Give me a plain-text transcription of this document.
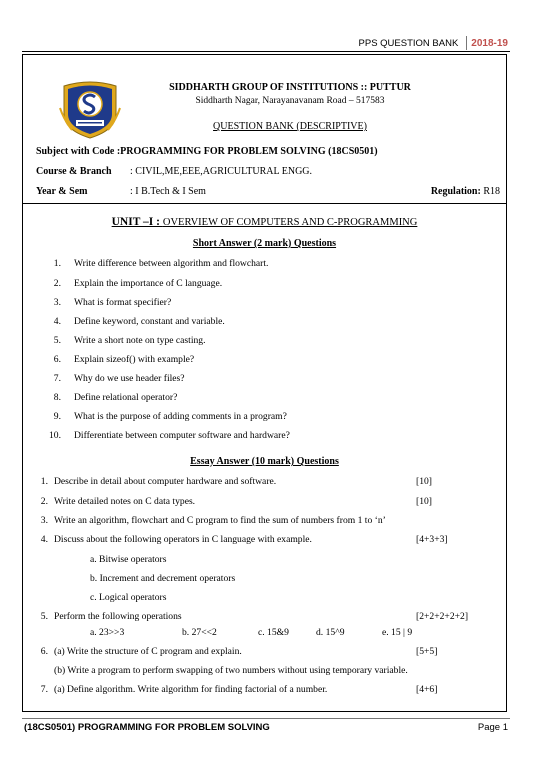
PPS QUESTION BANK	2018-19
SIDDHARTH GROUP OF INSTITUTIONS :: PUTTUR
Siddharth Nagar, Narayanavanam Road – 517583
QUESTION BANK (DESCRIPTIVE)
Subject with Code : PROGRAMMING FOR PROBLEM SOLVING (18CS0501)
Course & Branch	: CIVIL,ME,EEE,AGRICULTURAL ENGG.
Year & Sem	: I B.Tech & I Sem	Regulation: R18
UNIT –I : OVERVIEW OF COMPUTERS AND C-PROGRAMMING
Short Answer (2 mark) Questions
1.	Write difference between algorithm and flowchart.
2.	Explain the importance of C language.
3.	What is format specifier?
4.	Define keyword, constant and variable.
5.	Write a short note on type casting.
6.	Explain sizeof() with example?
7.	Why do we use header files?
8.	Define relational operator?
9.	What is the purpose of adding comments in a program?
10.	Differentiate between computer software and hardware?
Essay Answer (10 mark) Questions
1. Describe in detail about computer hardware and software.	[10]
2. Write detailed notes on C data types.	[10]
3. Write an algorithm, flowchart and C program to find the sum of numbers from 1 to ‘n’
4. Discuss about the following operators in C language with example.	[4+3+3]
a. Bitwise operators
b. Increment and decrement operators
c. Logical operators
5. Perform the following operations	[2+2+2+2+2]
a. 23>>3	b. 27<<2	c. 15&9	d. 15^9	e. 15 | 9
6. (a) Write the structure of C program and explain.	[5+5]
(b) Write a program to perform swapping of two numbers without using temporary variable.
7. (a) Define algorithm. Write algorithm for finding factorial of a number.	[4+6]
(18CS0501) PROGRAMMING FOR PROBLEM SOLVING	Page 1
